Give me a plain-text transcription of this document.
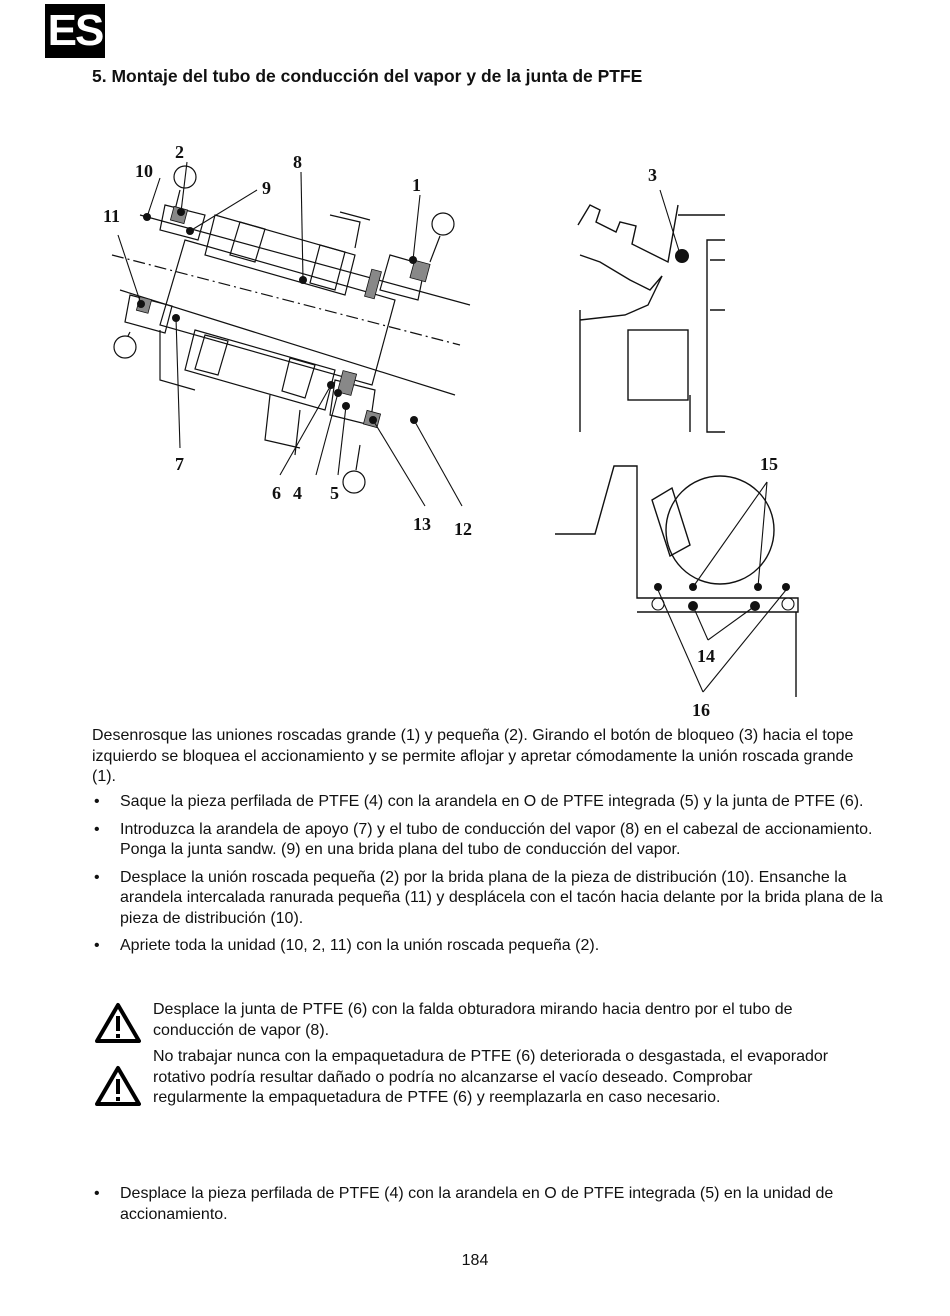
ES
5. Montaje del tubo de conducción del vapor y de la junta de PTFE
10
2	8
9	1
11
7
6 4 5
13 12
3
15
14
16
Desenrosque las uniones roscadas grande (1) y pequeña (2). Girando el botón de bloqueo (3) hacia el tope izquierdo se bloquea el accionamiento y se permite aflojar y apretar cómodamente la unión roscada grande (1).
• Saque la pieza perfilada de PTFE (4) con la arandela en O de PTFE integrada (5) y la junta de PTFE (6).
• Introduzca la arandela de apoyo (7) y el tubo de conducción del vapor (8) en el cabezal de accionamiento. Ponga la junta sandw. (9) en una brida plana del tubo de conducción del vapor.
• Desplace la unión roscada pequeña (2) por la brida plana de la pieza de distribución (10). Ensanche la arandela intercalada ranurada pequeña (11) y desplácela con el tacón hacia delante por la brida plana de la pieza de distribución (10).
• Apriete toda la unidad (10, 2, 11) con la unión roscada pequeña (2).
Desplace la junta de PTFE (6) con la falda obturadora mirando hacia dentro por el tubo de conducción de vapor (8).
No trabajar nunca con la empaquetadura de PTFE (6) deteriorada o desgastada, el evaporador rotativo podría resultar dañado o podría no alcanzarse el vacío deseado. Comprobar regularmente la empaquetadura de PTFE (6) y reemplazarla en caso necesario.
• Desplace la pieza perfilada de PTFE (4) con la arandela en O de PTFE integrada (5) en la unidad de accionamiento.
184
